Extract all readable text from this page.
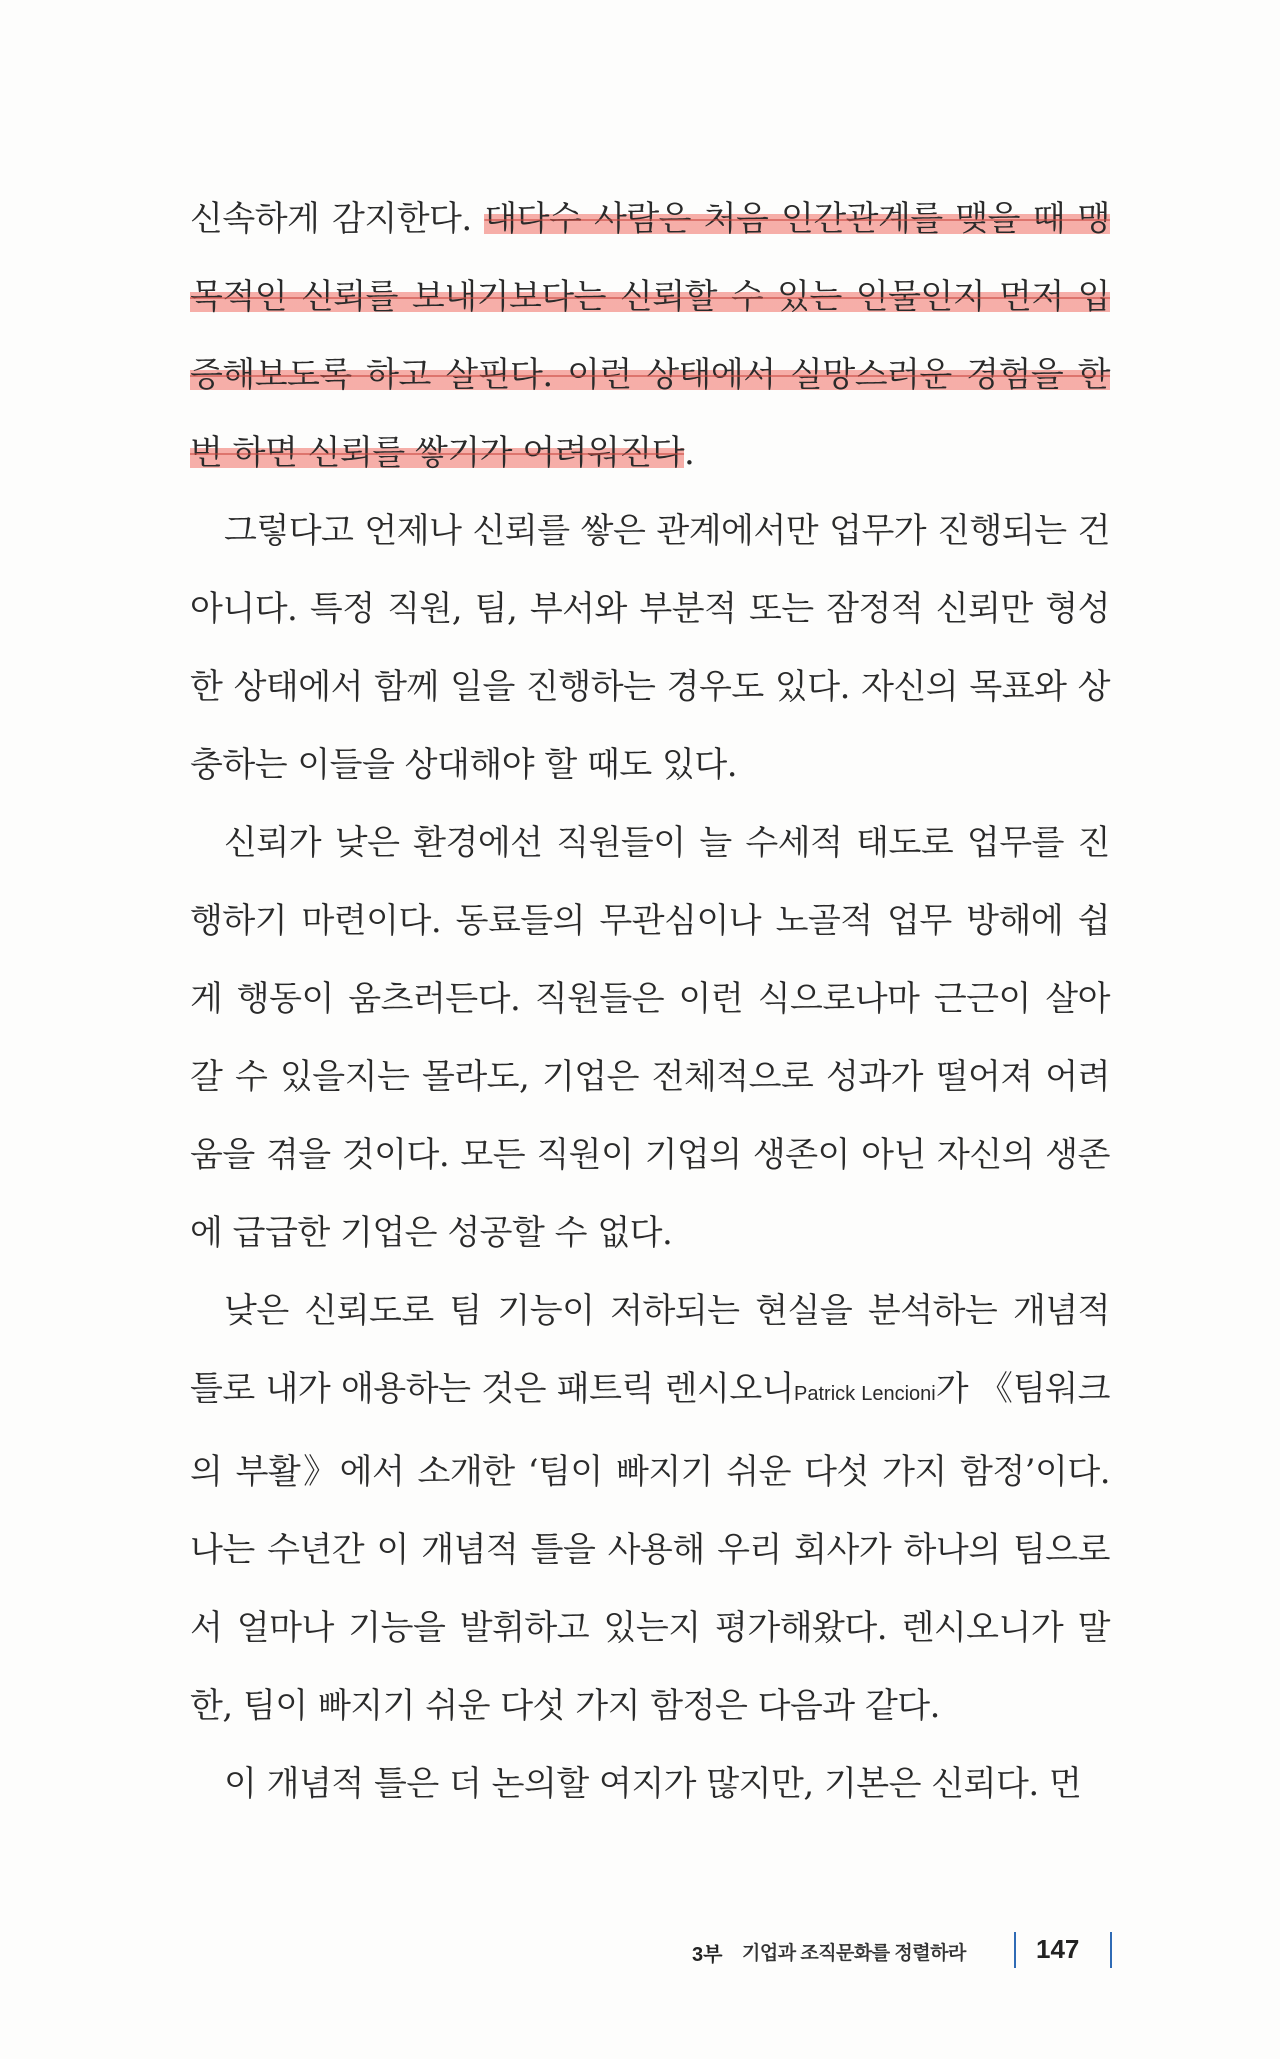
신속하게 감지한다. 대다수 사람은 처음 인간관계를 맺을 때 맹목적인 신뢰를 보내기보다는 신뢰할 수 있는 인물인지 먼저 입증해보도록 하고 살핀다. 이런 상태에서 실망스러운 경험을 한 번 하면 신뢰를 쌓기가 어려워진다.

그렇다고 언제나 신뢰를 쌓은 관계에서만 업무가 진행되는 건 아니다. 특정 직원, 팀, 부서와 부분적 또는 잠정적 신뢰만 형성한 상태에서 함께 일을 진행하는 경우도 있다. 자신의 목표와 상충하는 이들을 상대해야 할 때도 있다.

신뢰가 낮은 환경에선 직원들이 늘 수세적 태도로 업무를 진행하기 마련이다. 동료들의 무관심이나 노골적 업무 방해에 쉽게 행동이 움츠러든다. 직원들은 이런 식으로나마 근근이 살아갈 수 있을지는 몰라도, 기업은 전체적으로 성과가 떨어져 어려움을 겪을 것이다. 모든 직원이 기업의 생존이 아닌 자신의 생존에 급급한 기업은 성공할 수 없다.

낮은 신뢰도로 팀 기능이 저하되는 현실을 분석하는 개념적 틀로 내가 애용하는 것은 패트릭 렌시오니Patrick Lencioni가 《팀워크의 부활》에서 소개한 ‘팀이 빠지기 쉬운 다섯 가지 함정’이다. 나는 수년간 이 개념적 틀을 사용해 우리 회사가 하나의 팀으로서 얼마나 기능을 발휘하고 있는지 평가해왔다. 렌시오니가 말한, 팀이 빠지기 쉬운 다섯 가지 함정은 다음과 같다.

이 개념적 틀은 더 논의할 여지가 많지만, 기본은 신뢰다. 먼

3부 기업과 조직문화를 정렬하라	147
